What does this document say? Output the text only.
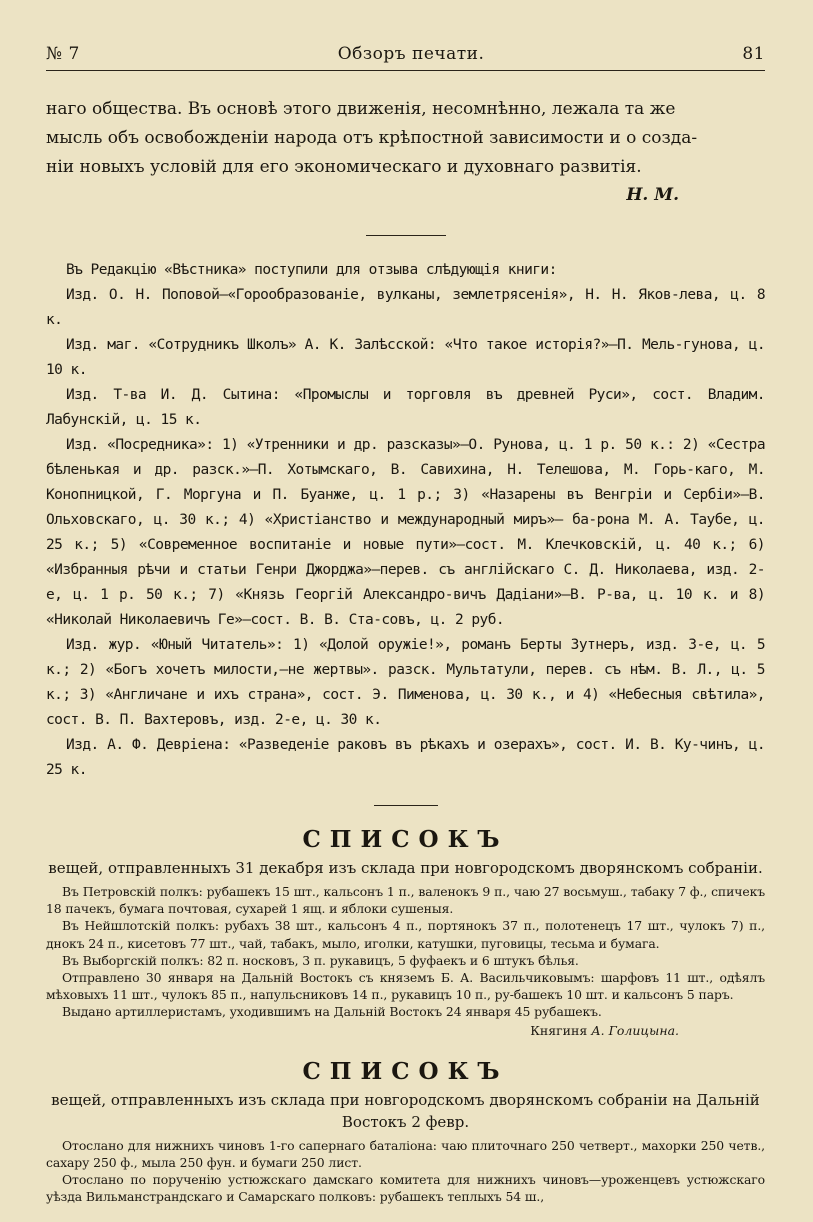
№ 7	Обзоръ печати.	81

наго общества. Въ основѣ этого движенія, несомнѣнно, лежала та же

мысль объ освобожденіи народа отъ крѣпостной зависимости и о созда-

ніи новыхъ условій для его экономическаго и духовнаго развитія.

Н. М.

Въ Редакцію «Вѣстника» поступили для отзыва слѣдующія книги:

Изд. О. Н. Поповой—«Горообразованіе, вулканы, землетрясенія», Н. Н. Яков-лева, ц. 8 к.

Изд. маг. «Сотрудникъ Школъ» А. К. Залѣсской: «Что такое исторія?»—П. Мель-гунова, ц. 10 к.

Изд. Т-ва И. Д. Сытина: «Промыслы и торговля въ древней Руси», сост. Владим. Лабунскій, ц. 15 к.

Изд. «Посредника»: 1) «Утренники и др. разсказы»—О. Рунова, ц. 1 р. 50 к.: 2) «Сестра бѣленькая и др. разск.»—П. Хотымскаго, В. Савихина, Н. Телешова, М. Горь-каго, М. Конопницкой, Г. Моргуна и П. Буанже, ц. 1 р.; 3) «Назарены въ Венгріи и Сербіи»—В. Ольховскаго, ц. 30 к.; 4) «Христіанство и международный миръ»— ба-рона М. А. Таубе, ц. 25 к.; 5) «Современное воспитаніе и новые пути»—сост. М. Клечковскій, ц. 40 к.; 6) «Избранныя рѣчи и статьи Генри Джорджа»—перев. съ англійскаго С. Д. Николаева, изд. 2-е, ц. 1 р. 50 к.; 7) «Князь Георгій Александро-вичъ Дадіани»—В. Р-ва, ц. 10 к. и 8) «Николай Николаевичъ Ге»—сост. В. В. Ста-совъ, ц. 2 руб.

Изд. жур. «Юный Читатель»: 1) «Долой оружіе!», романъ Берты Зутнеръ, изд. 3-е, ц. 5 к.; 2) «Богъ хочетъ милости,—не жертвы». разск. Мультатули, перев. съ нѣм. В. Л., ц. 5 к.; 3) «Англичане и ихъ страна», сост. Э. Пименова, ц. 30 к., и 4) «Небесныя свѣтила», сост. В. П. Вахтеровъ, изд. 2-е, ц. 30 к.

Изд. А. Ф. Девріена: «Разведеніе раковъ въ рѣкахъ и озерахъ», сост. И. В. Ку-чинъ, ц. 25 к.

СПИСОКЪ
вещей, отправленныхъ 31 декабря изъ склада при новгородскомъ дворянскомъ собраніи.

Въ Петровскій полкъ: рубашекъ 15 шт., кальсонъ 1 п., валенокъ 9 п., чаю 27 восьмуш., табаку 7 ф., спичекъ 18 пачекъ, бумага почтовая, сухарей 1 ящ. и яблоки сушеныя.

Въ Нейшлотскій полкъ: рубахъ 38 шт., кальсонъ 4 п., портянокъ 37 п., полотенецъ 17 шт., чулокъ 7) п., днокъ 24 п., кисетовъ 77 шт., чай, табакъ, мыло, иголки, катушки, пуговицы, тесьма и бумага.

Въ Выборгскій полкъ: 82 п. носковъ, 3 п. рукавицъ, 5 фуфаекъ и 6 штукъ бѣлья.

Отправлено 30 января на Дальній Востокъ съ княземъ Б. А. Васильчиковымъ: шарфовъ 11 шт., одѣялъ мѣховыхъ 11 шт., чулокъ 85 п., напульсниковъ 14 п., рукавицъ 10 п., ру-башекъ 10 шт. и кальсонъ 5 паръ.

Выдано артиллеристамъ, уходившимъ на Дальній Востокъ 24 января 45 рубашекъ.

Княгиня А. Голицына.
СПИСОКЪ
вещей, отправленныхъ изъ склада при новгородскомъ дворянскомъ собраніи на Дальній Востокъ 2 февр.

Отослано для нижнихъ чиновъ 1-го сапернаго баталіона: чаю плиточнаго 250 четверт., махорки 250 четв., сахару 250 ф., мыла 250 фун. и бумаги 250 лист.

Отослано по порученію устюжскаго дамскаго комитета для нижнихъ чиновъ—уроженцевъ устюжскаго уѣзда Вильманстрандскаго и Самарскаго полковъ: рубашекъ теплыхъ 54 ш.,
